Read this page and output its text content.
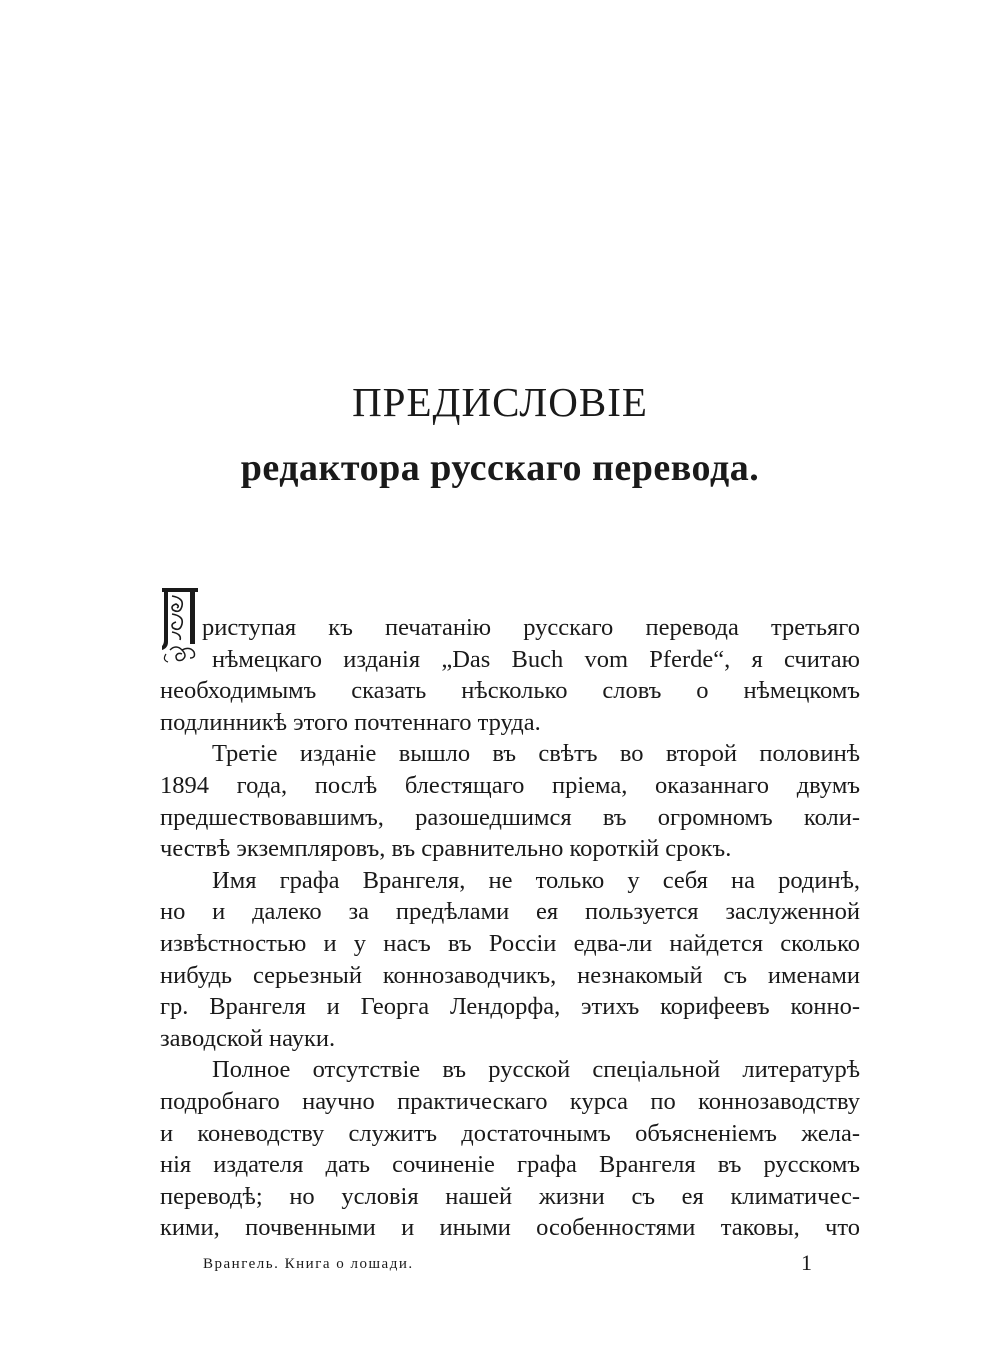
ПРЕДИСЛОВІЕ
редактора русскаго перевода.
П
риступая къ печатанію русскаго перевода третьяго
нѣмецкаго изданія „Das Buch vom Pferde“, я считаю
необходимымъ сказать нѣсколько словъ о нѣмецкомъ
подлинникѣ этого почтеннаго труда.
Третіе изданіе вышло въ свѣтъ во второй половинѣ
1894 года, послѣ блестящаго пріема, оказаннаго двумъ
предшествовавшимъ, разошедшимся въ огромномъ коли-
чествѣ экземпляровъ, въ сравнительно короткій срокъ.
Имя графа Врангеля, не только у себя на родинѣ,
но и далеко за предѣлами ея пользуется заслуженной
извѣстностью и у насъ въ Россіи едва-ли найдется сколько
нибудь серьезный коннозаводчикъ, незнакомый съ именами
гр. Врангеля и Георга Лендорфа, этихъ корифеевъ конно-
заводской науки.
Полное отсутствіе въ русской спеціальной литературѣ
подробнаго научно практическаго курса по коннозаводству
и коневодству служитъ достаточнымъ объясненіемъ жела-
нія издателя дать сочиненіе графа Врангеля въ русскомъ
переводѣ; но условія нашей жизни съ ея климатичес-
кими, почвенными и иными особенностями таковы, что
Врангель. Книга о лошади.	1
